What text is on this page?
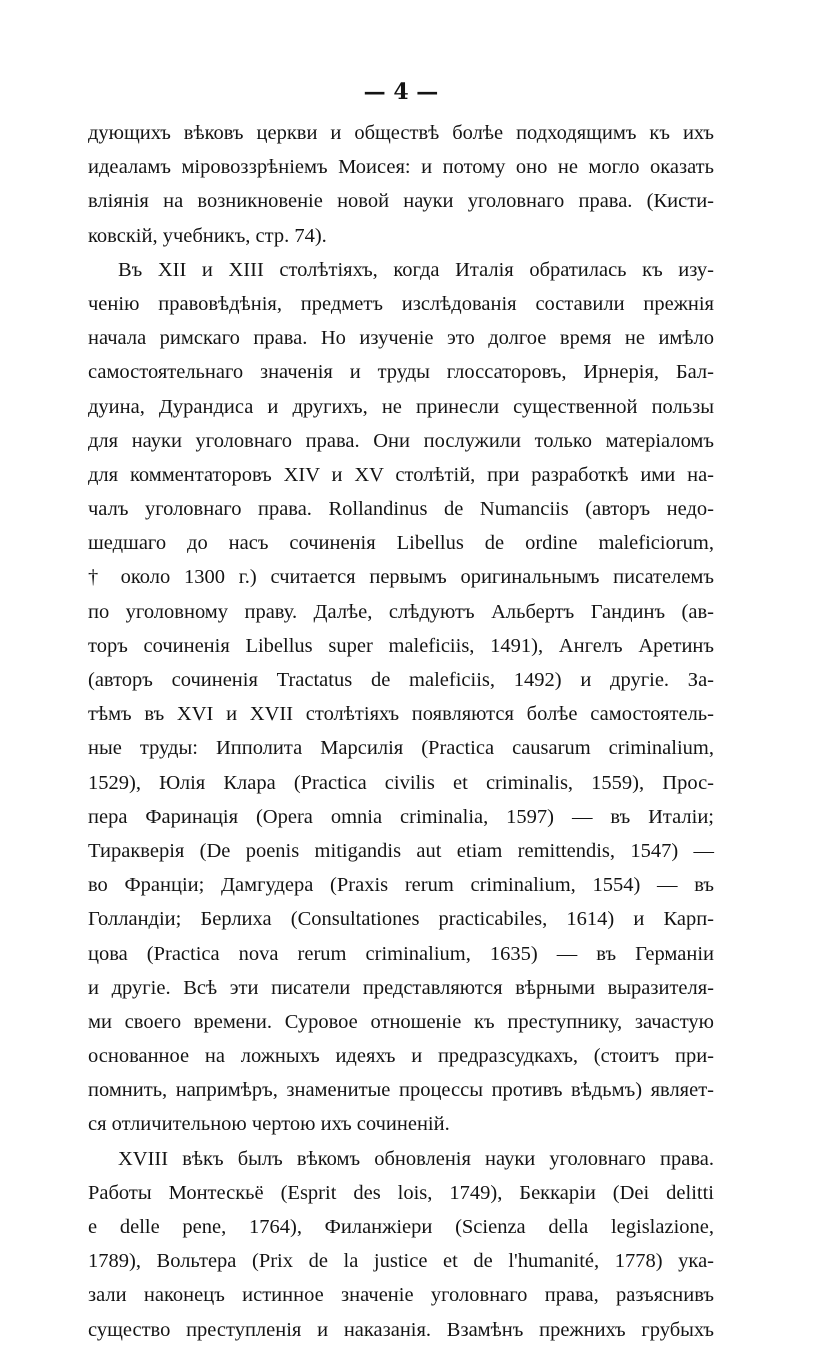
— 4 —
дующихъ вѣковъ церкви и обществѣ болѣе подходящимъ къ ихъ
идеаламъ міровоззрѣніемъ Моисея: и потому оно не могло оказать
вліянія на возникновеніе новой науки уголовнаго права. (Кисти-
ковскій, учебникъ, стр. 74).
Въ XII и XIII столѣтіяхъ, когда Италія обратилась къ изу-
ченію правовѣдѣнія, предметъ изслѣдованія составили прежнія
начала римскаго права. Но изученіе это долгое время не имѣло
самостоятельнаго значенія и труды глоссаторовъ, Ирнерія, Бал-
дуина, Дурандиса и другихъ, не принесли существенной пользы
для науки уголовнаго права. Они послужили только матеріаломъ
для комментаторовъ XIV и XV столѣтій, при разработкѣ ими на-
чалъ уголовнаго права. Rollandinus de Numanciis (авторъ недо-
шедшаго до насъ сочиненія Libellus de ordine maleficiorum,
† около 1300 г.) считается первымъ оригинальнымъ писателемъ
по уголовному праву. Далѣе, слѣдуютъ Альбертъ Гандинъ (ав-
торъ сочиненія Libellus super maleficiis, 1491), Ангелъ Аретинъ
(авторъ сочиненія Tractatus de maleficiis, 1492) и другіе. За-
тѣмъ въ XVI и XVII столѣтіяхъ появляются болѣе самостоятель-
ные труды: Ипполита Марсилія (Practica causarum criminalium,
1529), Юлія Клара (Practica civilis et criminalis, 1559), Прос-
пера Фаринація (Opera omnia criminalia, 1597) — въ Италіи;
Тиракверія (De poenis mitigandis aut etiam remittendis, 1547) —
во Франціи; Дамгудера (Praxis rerum criminalium, 1554) — въ
Голландіи; Берлиха (Consultationes practicabiles, 1614) и Карп-
цова (Practica nova rerum criminalium, 1635) — въ Германіи
и другіе. Всѣ эти писатели представляются вѣрными выразителя-
ми своего времени. Суровое отношеніе къ преступнику, зачастую
основанное на ложныхъ идеяхъ и предразсудкахъ, (стоитъ при-
помнить, напримѣръ, знаменитые процессы противъ вѣдьмъ) являет-
ся отличительною чертою ихъ сочиненій.
XVIII вѣкъ былъ вѣкомъ обновленія науки уголовнаго права.
Работы Монтескьё (Esprit des lois, 1749), Беккаріи (Dei delitti
e delle pene, 1764), Филанжіери (Scienza della legislazione,
1789), Вольтера (Prix de la justice et de l'humanité, 1778) ука-
зали наконецъ истинное значеніе уголовнаго права, разъяснивъ
существо преступленія и наказанія. Взамѣнъ прежнихъ грубыхъ
